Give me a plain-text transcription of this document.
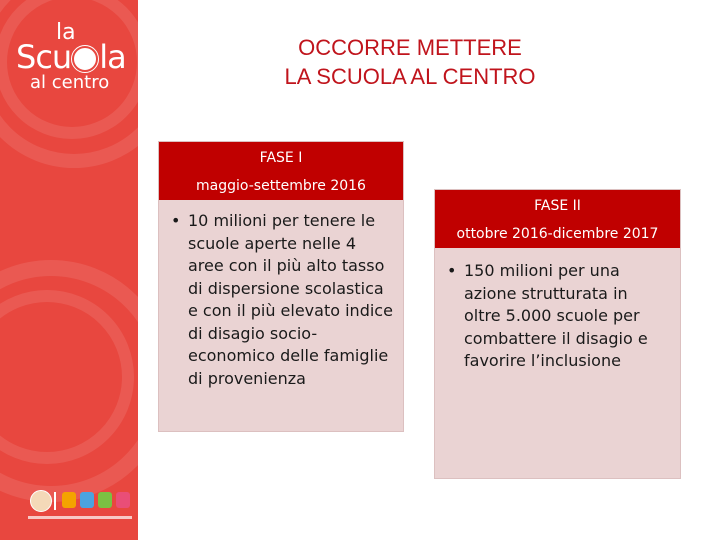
la
Scu la
al centro
OCCORRE METTERE
LA SCUOLA AL CENTRO
FASE I
maggio-settembre 2016
• 10 milioni per tenere le scuole aperte nelle 4 aree con il più alto tasso di dispersione scolastica e con il più elevato indice di disagio socio-economico delle famiglie di provenienza
FASE II
ottobre 2016-dicembre 2017
• 150 milioni per una azione strutturata in oltre 5.000 scuole per combattere il disagio e favorire l’inclusione
